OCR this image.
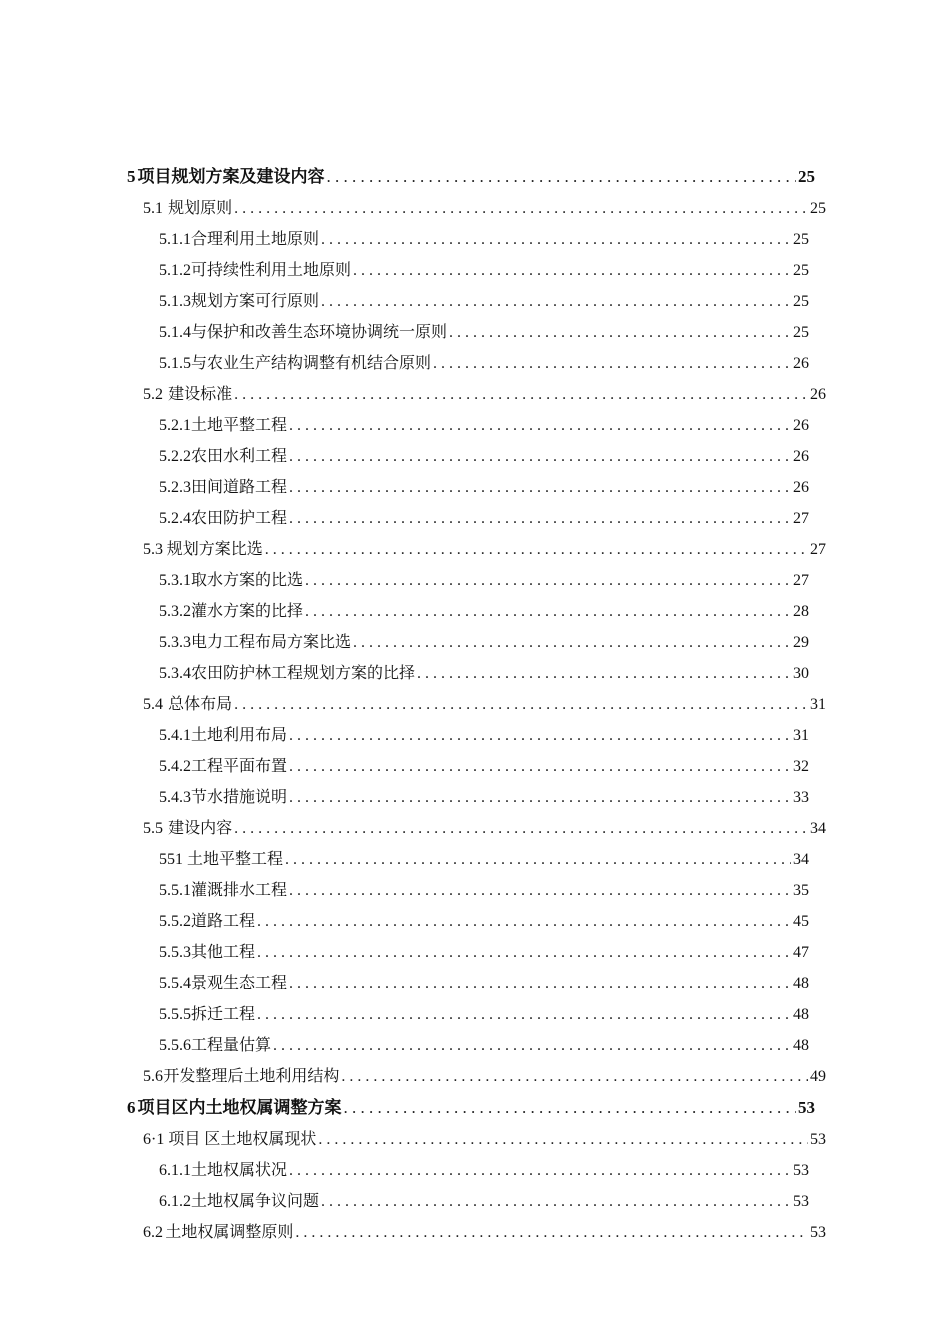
5 项目规划方案及建设内容 . . .	25
5.1 规划原则 . . .	25
5.1.1 合理利用土地原则 . . .	25
5.1.2 可持续性利用土地原则 . . .	25
5.1.3 规划方案可行原则 . . .	25
5.1.4 与保护和改善生态环境协调统一原则 . . .	25
5.1.5 与农业生产结构调整有机结合原则 . . .	26
5.2 建设标准 . . .	26
5.2.1 土地平整工程 . . .	26
5.2.2 农田水利工程 . . .	26
5.2.3 田间道路工程 . . .	26
5.2.4 农田防护工程 . . .	27
5.3 规划方案比选 . . .	27
5.3.1 取水方案的比选 . . .	27
5.3.2 灌水方案的比择 . . .	28
5.3.3 电力工程布局方案比选 . . .	29
5.3.4 农田防护林工程规划方案的比择 . . .	30
5.4 总体布局 . . .	31
5.4.1 土地利用布局 . . .	31
5.4.2 工程平面布置 . . .	32
5.4.3 节水措施说明 . . .	33
5.5 建设内容 . . .	34
551 土地平整工程 . . .	34
5.5.1 灌溉排水工程 . . .	35
5.5.2 道路工程 . . .	45
5.5.3 其他工程 . . .	47
5.5.4 景观生态工程 . . .	48
5.5.5 拆迁工程 . . .	48
5.5.6 工程量估算 . . .	48
5.6 开发整理后土地利用结构 . . .	49
6 项目区内土地权属调整方案 . . .	53
6·1 项目 区土地权属现状 . . .	53
6.1.1 土地权属状况 . . .	53
6.1.2 土地权属争议问题 . . .	53
6.2 土地权属调整原则 . . .	53
